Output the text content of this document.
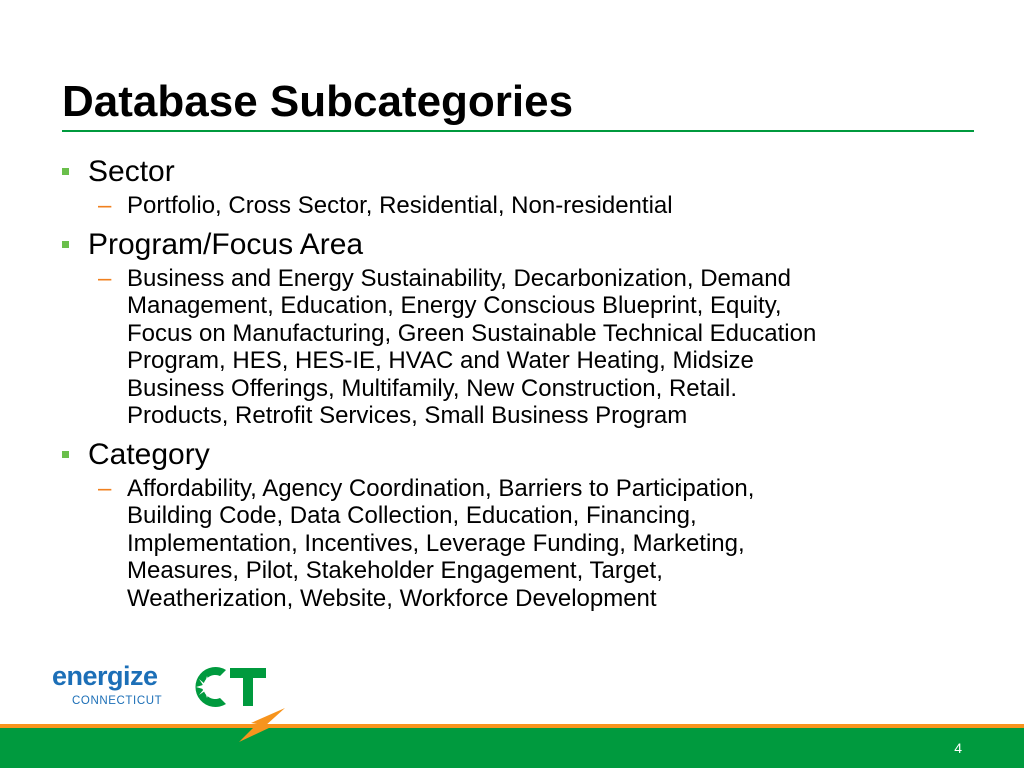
Database Subcategories
Sector
– Portfolio, Cross Sector, Residential, Non-residential
Program/Focus Area
– Business and Energy Sustainability, Decarbonization, Demand
Management, Education, Energy Conscious Blueprint, Equity,
Focus on Manufacturing, Green Sustainable Technical Education
Program, HES, HES-IE, HVAC and Water Heating, Midsize
Business Offerings, Multifamily, New Construction, Retail.
Products, Retrofit Services, Small Business Program
Category
– Affordability, Agency Coordination, Barriers to Participation,
Building Code, Data Collection, Education, Financing,
Implementation, Incentives, Leverage Funding, Marketing,
Measures, Pilot, Stakeholder Engagement, Target,
Weatherization, Website, Workforce Development
energize
CONNECTICUT
4
